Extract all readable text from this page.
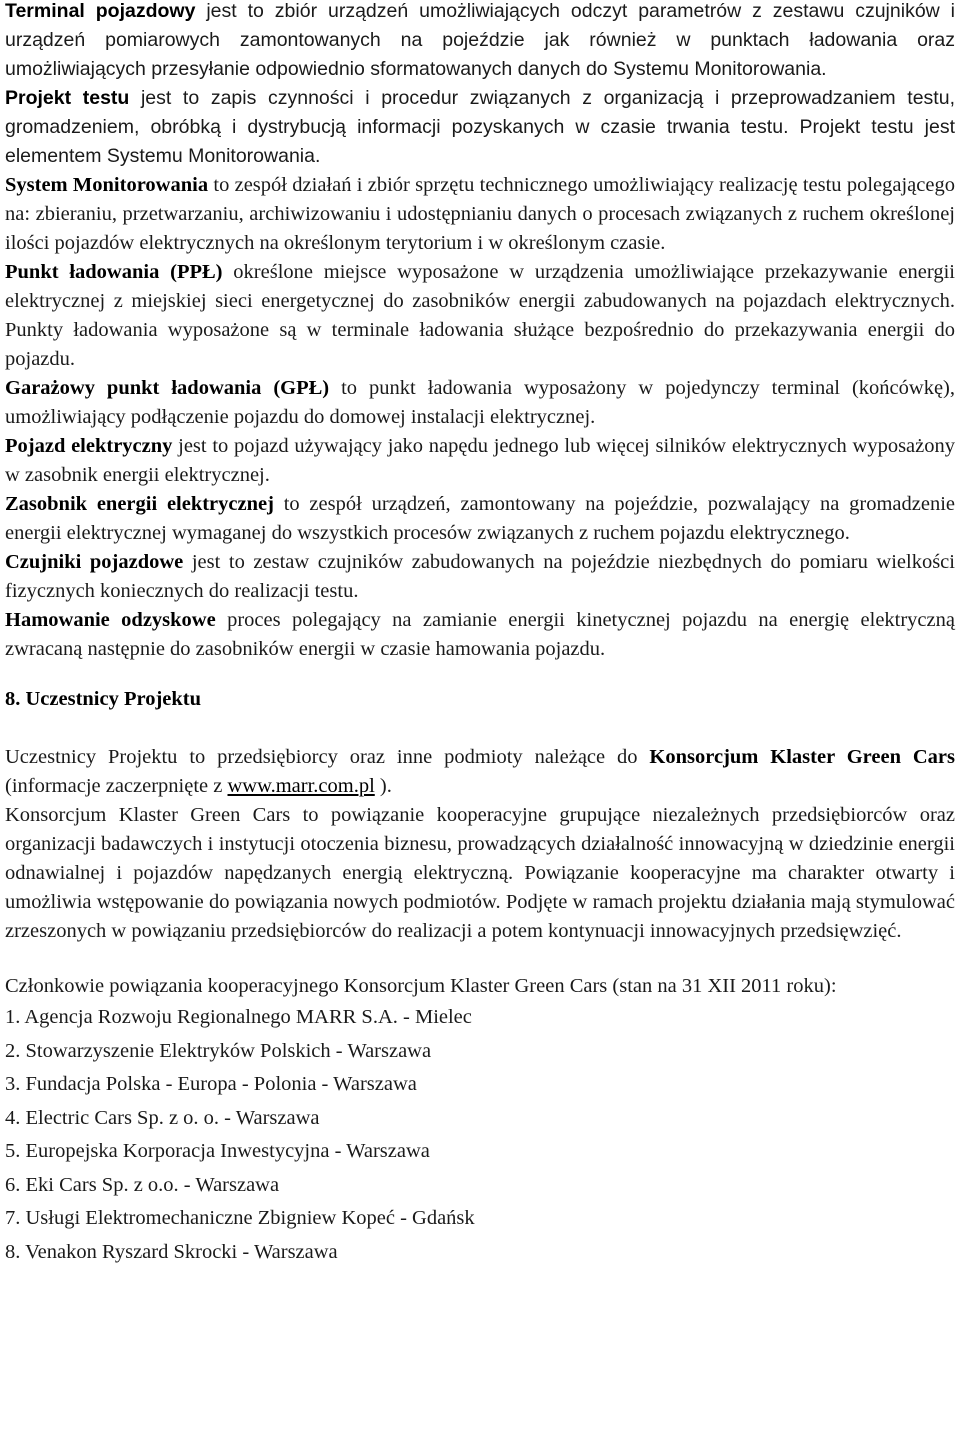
Terminal pojazdowy jest to zbiór urządzeń umożliwiających odczyt parametrów z zestawu czujników i urządzeń pomiarowych zamontowanych na pojeździe jak również w punktach ładowania oraz umożliwiających przesyłanie odpowiednio sformatowanych danych do Systemu Monitorowania.

Projekt testu jest to zapis czynności i procedur związanych z organizacją i przeprowadzaniem testu, gromadzeniem, obróbką i dystrybucją informacji pozyskanych w czasie trwania testu. Projekt testu jest elementem Systemu Monitorowania.

System Monitorowania to zespół działań i zbiór sprzętu technicznego umożliwiający realizację testu polegającego na: zbieraniu, przetwarzaniu, archiwizowaniu i udostępnianiu danych o procesach związanych z ruchem określonej ilości pojazdów elektrycznych na określonym terytorium i w określonym czasie.

Punkt ładowania (PPŁ) określone miejsce wyposażone w urządzenia umożliwiające przekazywanie energii elektrycznej z miejskiej sieci energetycznej do zasobników energii zabudowanych na pojazdach elektrycznych. Punkty ładowania wyposażone są w terminale ładowania służące bezpośrednio do przekazywania energii do pojazdu.

Garażowy punkt ładowania (GPŁ) to punkt ładowania wyposażony w pojedynczy terminal (końcówkę), umożliwiający podłączenie pojazdu do domowej instalacji elektrycznej.

Pojazd elektryczny jest to pojazd używający jako napędu jednego lub więcej silników elektrycznych wyposażony w zasobnik energii elektrycznej.

Zasobnik energii elektrycznej to zespół urządzeń, zamontowany na pojeździe, pozwalający na gromadzenie energii elektrycznej wymaganej do wszystkich procesów związanych z ruchem pojazdu elektrycznego.

Czujniki pojazdowe jest to zestaw czujników zabudowanych na pojeździe niezbędnych do pomiaru wielkości fizycznych koniecznych do realizacji testu.

Hamowanie odzyskowe proces polegający na zamianie energii kinetycznej pojazdu na energię elektryczną zwracaną następnie do zasobników energii w czasie hamowania pojazdu.

8. Uczestnicy Projektu

Uczestnicy Projektu to przedsiębiorcy oraz inne podmioty należące do Konsorcjum Klaster Green Cars (informacje zaczerpnięte z www.marr.com.pl ).

Konsorcjum Klaster Green Cars to powiązanie kooperacyjne grupujące niezależnych przedsiębiorców oraz organizacji badawczych i instytucji otoczenia biznesu, prowadzących działalność innowacyjną w dziedzinie energii odnawialnej i pojazdów napędzanych energią elektryczną. Powiązanie kooperacyjne ma charakter otwarty i umożliwia wstępowanie do powiązania nowych podmiotów. Podjęte w ramach projektu działania mają stymulować zrzeszonych w powiązaniu przedsiębiorców do realizacji a potem kontynuacji innowacyjnych przedsięwzięć.

Członkowie powiązania kooperacyjnego Konsorcjum Klaster Green Cars (stan na 31 XII 2011 roku):

1. Agencja Rozwoju Regionalnego MARR S.A. - Mielec
2. Stowarzyszenie Elektryków Polskich - Warszawa
3. Fundacja Polska - Europa - Polonia - Warszawa
4. Electric Cars Sp. z o. o. - Warszawa
5. Europejska Korporacja Inwestycyjna - Warszawa
6. Eki Cars Sp. z o.o. - Warszawa
7. Usługi Elektromechaniczne Zbigniew Kopeć - Gdańsk
8. Venakon Ryszard Skrocki - Warszawa
